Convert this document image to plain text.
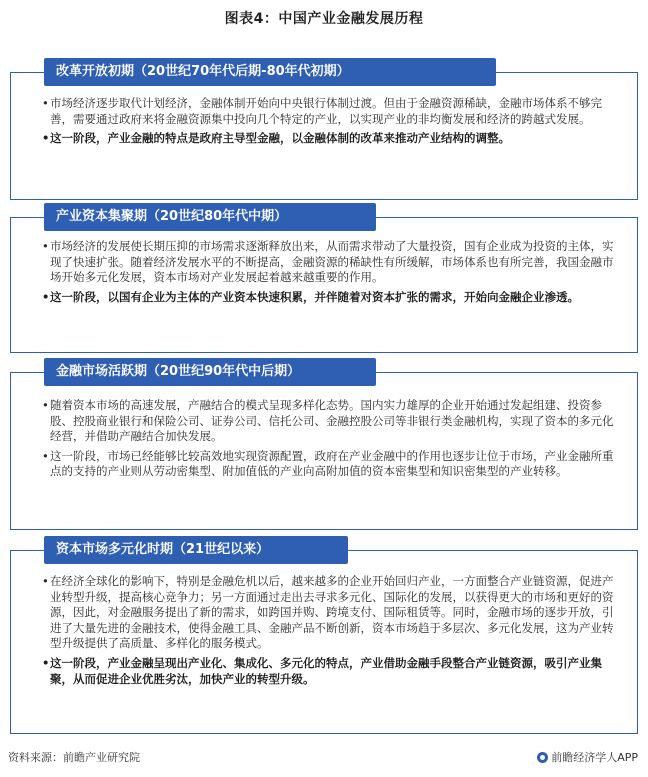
图表4：中国产业金融发展历程
改革开放初期（20世纪70年代后期-80年代初期）
• 市场经济逐步取代计划经济，金融体制开始向中央银行体制过渡。但由于金融资源稀缺，金融市场体系不够完善，需要通过政府来将金融资源集中投向几个特定的产业，以实现产业的非均衡发展和经济的跨越式发展。
• 这一阶段，产业金融的特点是政府主导型金融，以金融体制的改革来推动产业结构的调整。
产业资本集聚期（20世纪80年代中期）
• 市场经济的发展使长期压抑的市场需求逐渐释放出来，从而需求带动了大量投资，国有企业成为投资的主体，实现了快速扩张。随着经济发展水平的不断提高，金融资源的稀缺性有所缓解，市场体系也有所完善，我国金融市场开始多元化发展，资本市场对产业发展起着越来越重要的作用。
• 这一阶段，以国有企业为主体的产业资本快速积累，并伴随着对资本扩张的需求，开始向金融企业渗透。
金融市场活跃期（20世纪90年代中后期）
• 随着资本市场的高速发展，产融结合的模式呈现多样化态势。国内实力雄厚的企业开始通过发起组建、投资参股、控股商业银行和保险公司、证券公司、信托公司、金融控股公司等非银行类金融机构，实现了资本的多元化经营，并借助产融结合加快发展。
• 这一阶段，市场已经能够比较高效地实现资源配置，政府在产业金融中的作用也逐步让位于市场，产业金融所重点的支持的产业则从劳动密集型、附加值低的产业向高附加值的资本密集型和知识密集型的产业转移。
资本市场多元化时期（21世纪以来）
• 在经济全球化的影响下，特别是金融危机以后，越来越多的企业开始回归产业，一方面整合产业链资源，促进产业转型升级，提高核心竞争力；另一方面通过走出去寻求多元化、国际化的发展，以获得更大的市场和更好的资源，因此，对金融服务提出了新的需求，如跨国并购、跨境支付、国际租赁等。同时，金融市场的逐步开放，引进了大量先进的金融技术，使得金融工具、金融产品不断创新，资本市场趋于多层次、多元化发展，这为产业转型升级提供了高质量、多样化的服务模式。
• 这一阶段，产业金融呈现出产业化、集成化、多元化的特点，产业借助金融手段整合产业链资源，吸引产业集聚，从而促进企业优胜劣汰，加快产业的转型升级。
资料来源：前瞻产业研究院	前瞻经济学人APP
